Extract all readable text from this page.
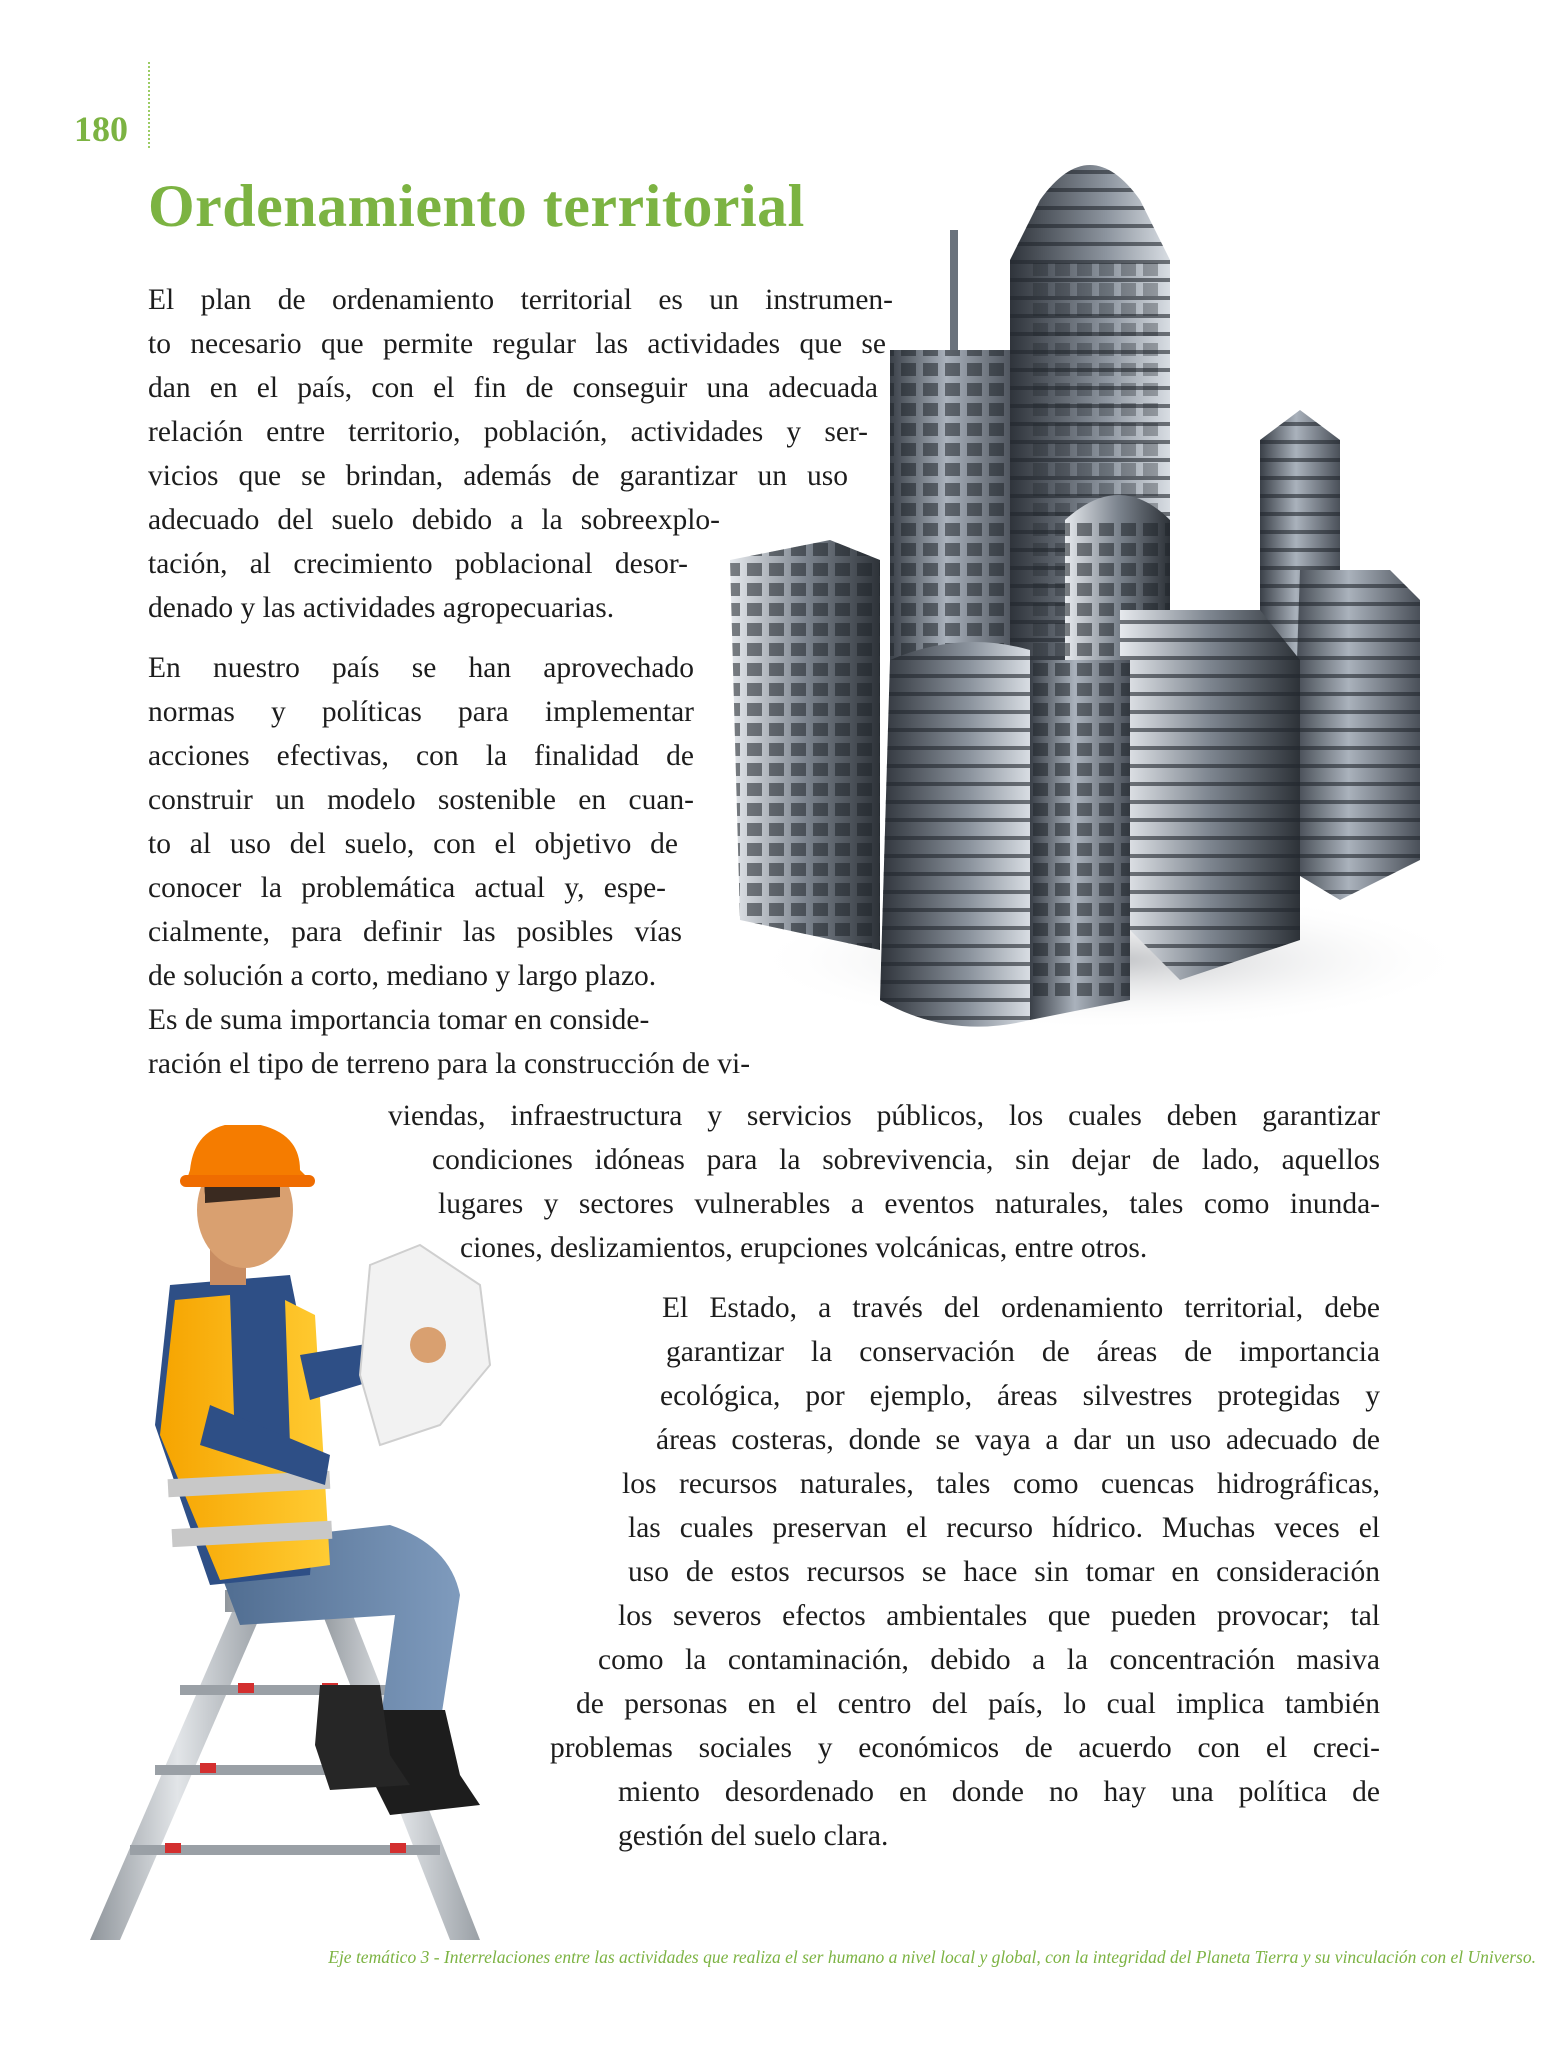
180
Ordenamiento territorial
El plan de ordenamiento territorial es un instrumen-
to necesario que permite regular las actividades que se
dan en el país, con el fin de conseguir una adecuada
relación entre territorio, población, actividades y ser-
vicios que se brindan, además de garantizar un uso
adecuado del suelo debido a la sobreexplo-
tación, al crecimiento poblacional desor-
denado y las actividades agropecuarias.
En nuestro país se han aprovechado
normas y políticas para implementar
acciones efectivas, con la finalidad de
construir un modelo sostenible en cuan-
to al uso del suelo, con el objetivo de
conocer la problemática actual y, espe-
cialmente, para definir las posibles vías
de solución a corto, mediano y largo plazo.
Es de suma importancia tomar en conside-
ración el tipo de terreno para la construcción de vi-
viendas, infraestructura y servicios públicos, los cuales deben garantizar
condiciones idóneas para la sobrevivencia, sin dejar de lado, aquellos
lugares y sectores vulnerables a eventos naturales, tales como inunda-
ciones, deslizamientos, erupciones volcánicas, entre otros.
El Estado, a través del ordenamiento territorial, debe
garantizar la conservación de áreas de importancia
ecológica, por ejemplo, áreas silvestres protegidas y
áreas costeras, donde se vaya a dar un uso adecuado de
los recursos naturales, tales como cuencas hidrográficas,
las cuales preservan el recurso hídrico. Muchas veces el
uso de estos recursos se hace sin tomar en consideración
los severos efectos ambientales que pueden provocar; tal
como la contaminación, debido a la concentración masiva
de personas en el centro del país, lo cual implica también
problemas sociales y económicos de acuerdo con el creci-
miento desordenado en donde no hay una política de
gestión del suelo clara.
Eje temático 3 - Interrelaciones entre las actividades que realiza el ser humano a nivel local y global, con la integridad del Planeta Tierra y su vinculación con el Universo.
